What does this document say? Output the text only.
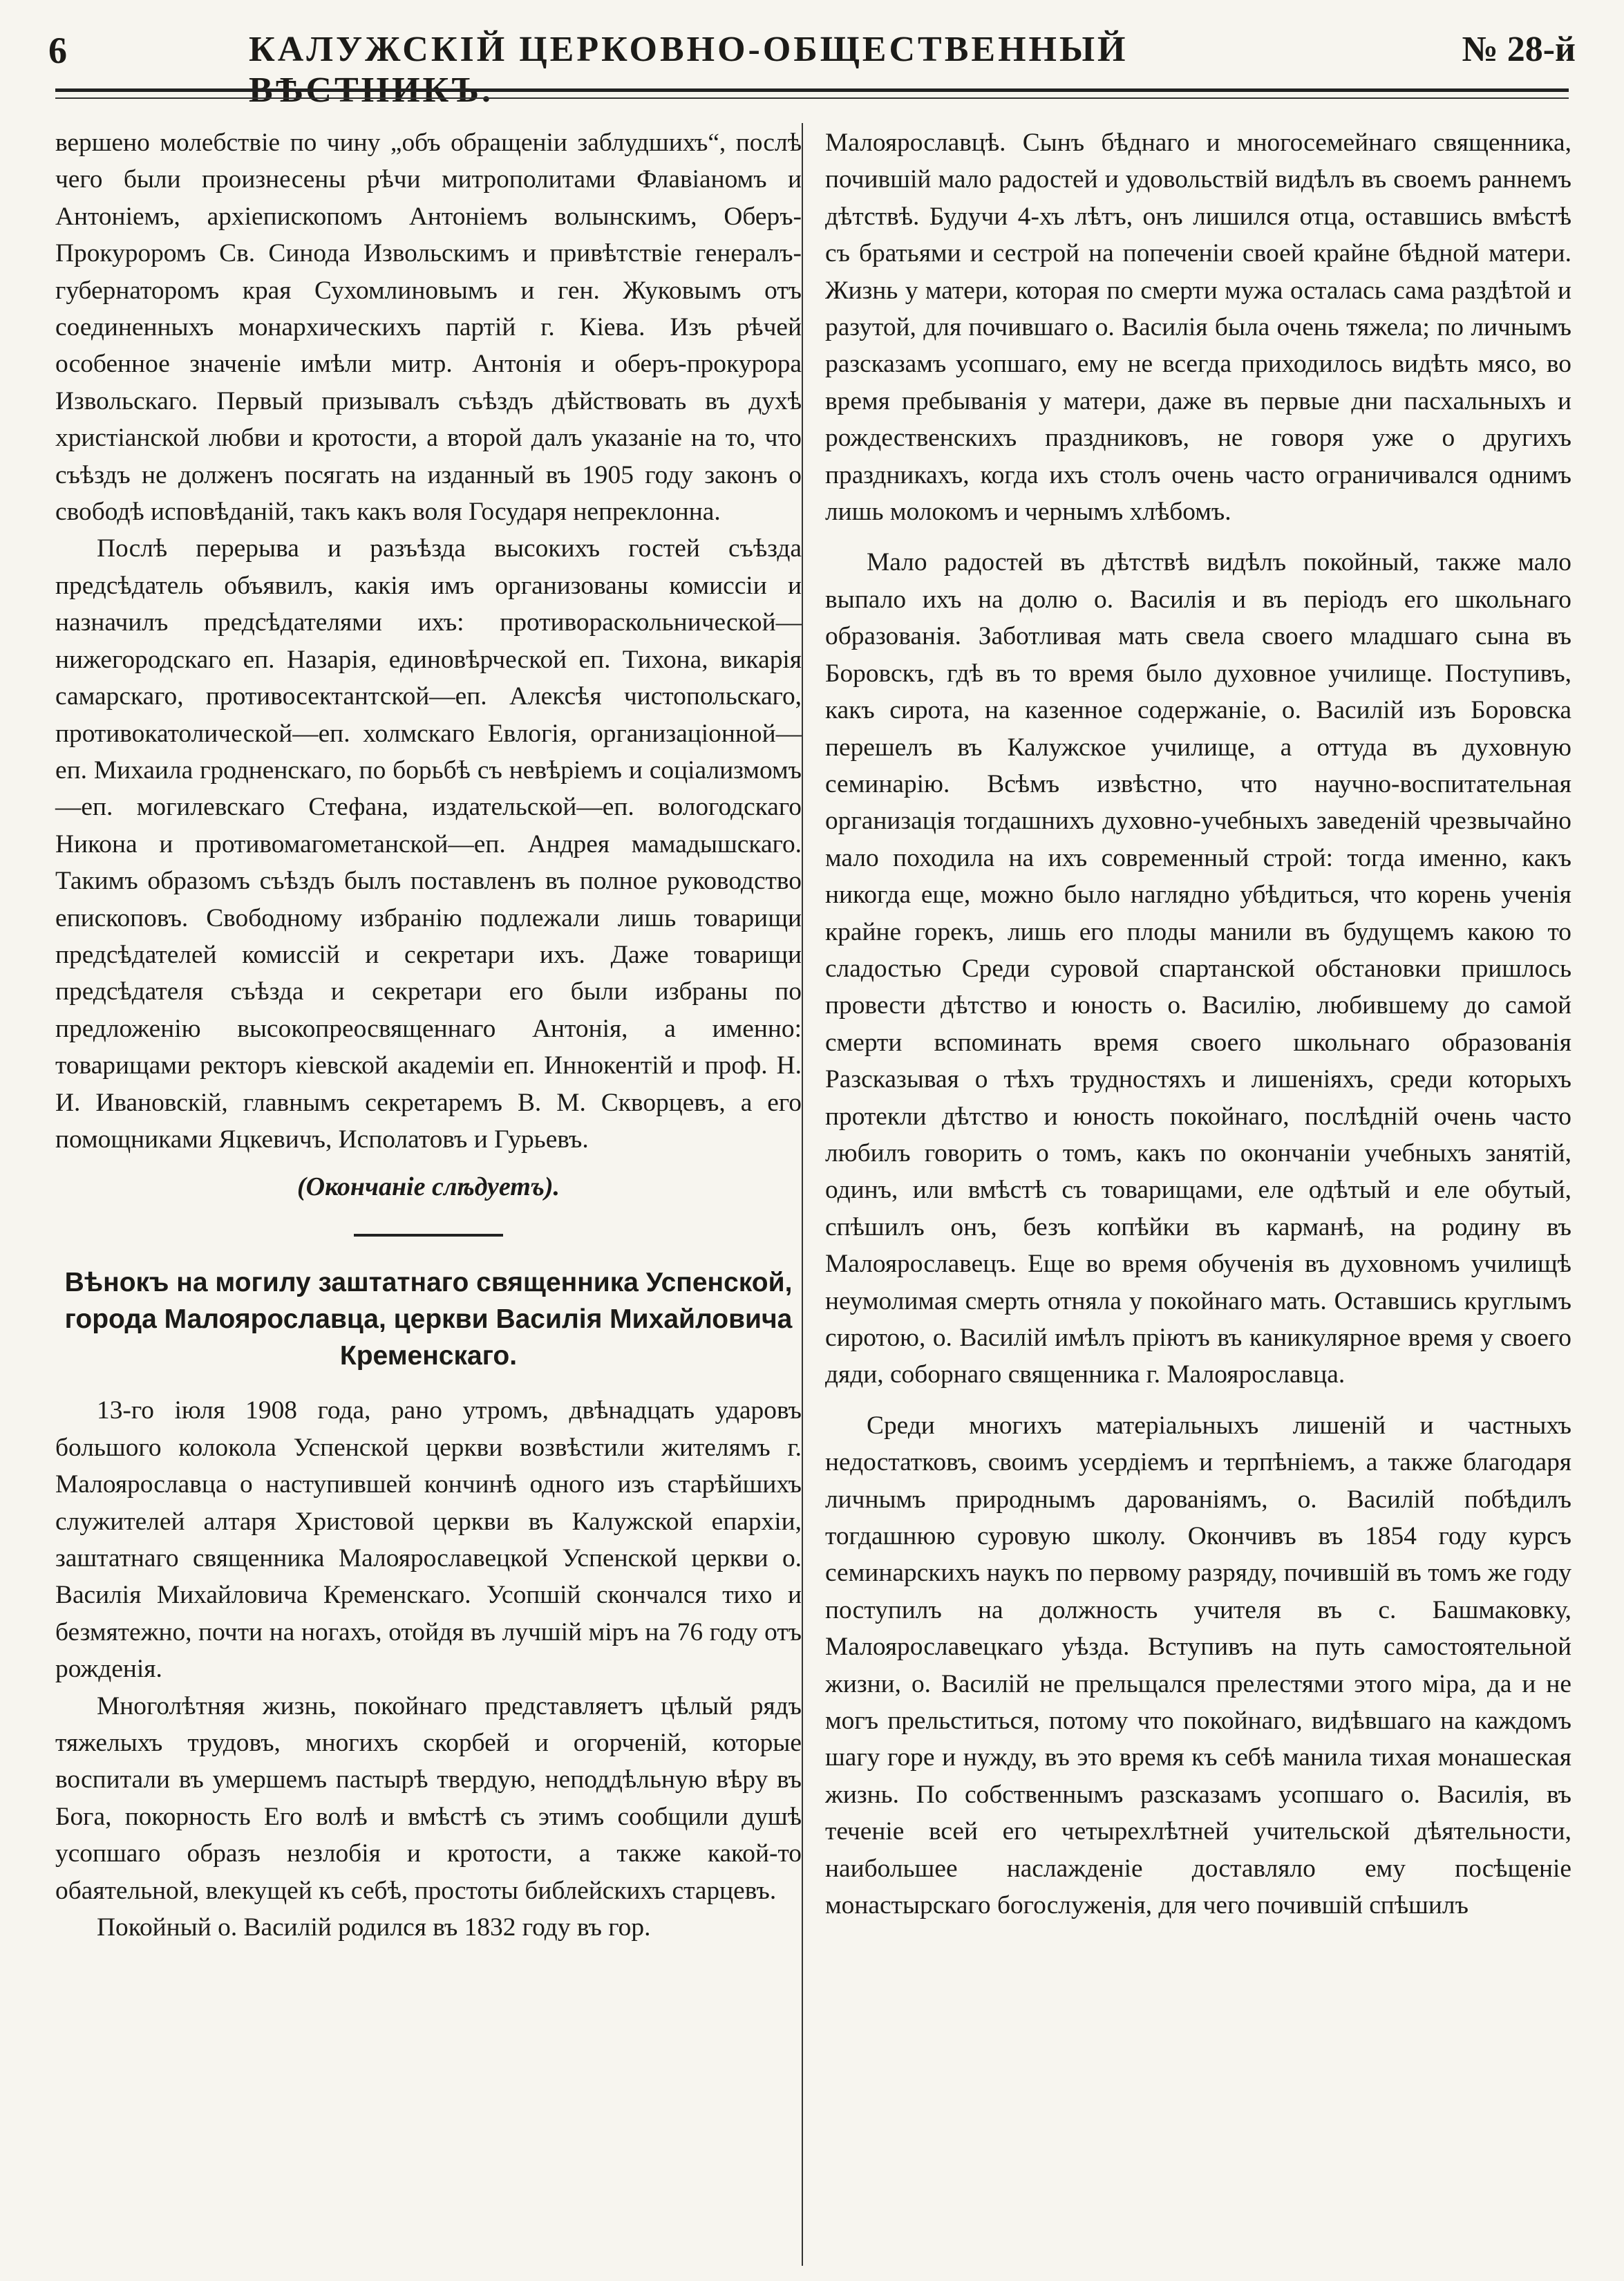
6	КАЛУЖСКІЙ ЦЕРКОВНО-ОБЩЕСТВЕННЫЙ ВѢСТНИКЪ.
№ 28-й

вершено молебствіе по чину „объ обращеніи заблудшихъ“, послѣ чего были произнесены рѣчи митрополитами Флавіаномъ и Антоніемъ, архіепископомъ Антоніемъ волынскимъ, Оберъ-Прокуроромъ Св. Синода Извольскимъ и привѣтствіе генералъ-губернаторомъ края Сухомлиновымъ и ген. Жуковымъ отъ соединенныхъ монархическихъ партій г. Кіева. Изъ рѣчей особенное значеніе имѣли митр. Антонія и оберъ-прокурора Извольскаго. Первый призывалъ съѣздъ дѣйствовать въ духѣ христіанской любви и кротости, а второй далъ указаніе на то, что съѣздъ не долженъ посягать на изданный въ 1905 году законъ о свободѣ исповѣданій, такъ какъ воля Государя непреклонна.

Послѣ перерыва и разъѣзда высокихъ гостей съѣзда предсѣдатель объявилъ, какія имъ организованы комиссіи и назначилъ предсѣдателями ихъ: противораскольнической—нижегородскаго еп. Назарія, единовѣрческой еп. Тихона, викарія самарскаго, противосектантской—еп. Алексѣя чистопольскаго, противокатолической—еп. холмскаго Евлогія, организаціонной—еп. Михаила гродненскаго, по борьбѣ съ невѣріемъ и соціализмомъ—еп. могилевскаго Стефана, издательской—еп. вологодскаго Никона и противомагометанской—еп. Андрея мамадышскаго. Такимъ образомъ съѣздъ былъ поставленъ въ полное руководство епископовъ. Свободному избранію подлежали лишь товарищи предсѣдателей комиссій и секретари ихъ. Даже товарищи предсѣдателя съѣзда и секретари его были избраны по предложенію высокопреосвященнаго Антонія, а именно: товарищами ректоръ кіевской академіи еп. Иннокентій и проф. Н. И. Ивановскій, главнымъ секретаремъ В. М. Скворцевъ, а его помощниками Яцкевичъ, Исполатовъ и Гурьевъ.

(Окончаніе слѣдуетъ).

Вѣнокъ на могилу заштатнаго священника Успенской, города Малоярославца, церкви Василія Михайловича Кременскаго.

13-го іюля 1908 года, рано утромъ, двѣнадцать ударовъ большого колокола Успенской церкви возвѣстили жителямъ г. Малоярославца о наступившей кончинѣ одного изъ старѣйшихъ служителей алтаря Христовой церкви въ Калужской епархіи, заштатнаго священника Малоярославецкой Успенской церкви о. Василія Михайловича Кременскаго. Усопшій скончался тихо и безмятежно, почти на ногахъ, отойдя въ лучшій міръ на 76 году отъ рожденія.

Многолѣтняя жизнь, покойнаго представляетъ цѣлый рядъ тяжелыхъ трудовъ, многихъ скорбей и огорченій, которые воспитали въ умершемъ пастырѣ твердую, неподдѣльную вѣру въ Бога, покорность Его волѣ и вмѣстѣ съ этимъ сообщили душѣ усопшаго образъ незлобія и кротости, а также какой-то обаятельной, влекущей къ себѣ, простоты библейскихъ старцевъ.

Покойный о. Василій родился въ 1832 году въ гор.

Малоярославцѣ. Сынъ бѣднаго и многосемейнаго священника, почившій мало радостей и удовольствій видѣлъ въ своемъ раннемъ дѣтствѣ. Будучи 4-хъ лѣтъ, онъ лишился отца, оставшись вмѣстѣ съ братьями и сестрой на попеченіи своей крайне бѣдной матери. Жизнь у матери, которая по смерти мужа осталась сама раздѣтой и разутой, для почившаго о. Василія была очень тяжела; по личнымъ разсказамъ усопшаго, ему не всегда приходилось видѣть мясо, во время пребыванія у матери, даже въ первые дни пасхальныхъ и рождественскихъ праздниковъ, не говоря уже о другихъ праздникахъ, когда ихъ столъ очень часто ограничивался однимъ лишь молокомъ и чернымъ хлѣбомъ.

Мало радостей въ дѣтствѣ видѣлъ покойный, также мало выпало ихъ на долю о. Василія и въ періодъ его школьнаго образованія. Заботливая мать свела своего младшаго сына въ Боровскъ, гдѣ въ то время было духовное училище. Поступивъ, какъ сирота, на казенное содержаніе, о. Василій изъ Боровска перешелъ въ Калужское училище, а оттуда въ духовную семинарію. Всѣмъ извѣстно, что научно-воспитательная организація тогдашнихъ духовно-учебныхъ заведеній чрезвычайно мало походила на ихъ современный строй: тогда именно, какъ никогда еще, можно было наглядно убѣдиться, что корень ученія крайне горекъ, лишь его плоды манили въ будущемъ какою то сладостью Среди суровой спартанской обстановки пришлось провести дѣтство и юность о. Василію, любившему до самой смерти вспоминать время своего школьнаго образованія Разсказывая о тѣхъ трудностяхъ и лишеніяхъ, среди которыхъ протекли дѣтство и юность покойнаго, послѣдній очень часто любилъ говорить о томъ, какъ по окончаніи учебныхъ занятій, одинъ, или вмѣстѣ съ товарищами, еле одѣтый и еле обутый, спѣшилъ онъ, безъ копѣйки въ карманѣ, на родину въ Малоярославецъ. Еще во время обученія въ духовномъ училищѣ неумолимая смерть отняла у покойнаго мать. Оставшись круглымъ сиротою, о. Василій имѣлъ пріютъ въ каникулярное время у своего дяди, соборнаго священника г. Малоярославца.

Среди многихъ матеріальныхъ лишеній и частныхъ недостатковъ, своимъ усердіемъ и терпѣніемъ, а также благодаря личнымъ природнымъ дарованіямъ, о. Василій побѣдилъ тогдашнюю суровую школу. Окончивъ въ 1854 году курсъ семинарскихъ наукъ по первому разряду, почившій въ томъ же году поступилъ на должность учителя въ с. Башмаковку, Малоярославецкаго уѣзда. Вступивъ на путь самостоятельной жизни, о. Василій не прельщался прелестями этого міра, да и не могъ прельститься, потому что покойнаго, видѣвшаго на каждомъ шагу горе и нужду, въ это время къ себѣ манила тихая монашеская жизнь. По собственнымъ разсказамъ усопшаго о. Василія, въ теченіе всей его четырехлѣтней учительской дѣятельности, наибольшее наслажденіе доставляло ему посѣщеніе монастырскаго богослуженія, для чего почившій спѣшилъ
